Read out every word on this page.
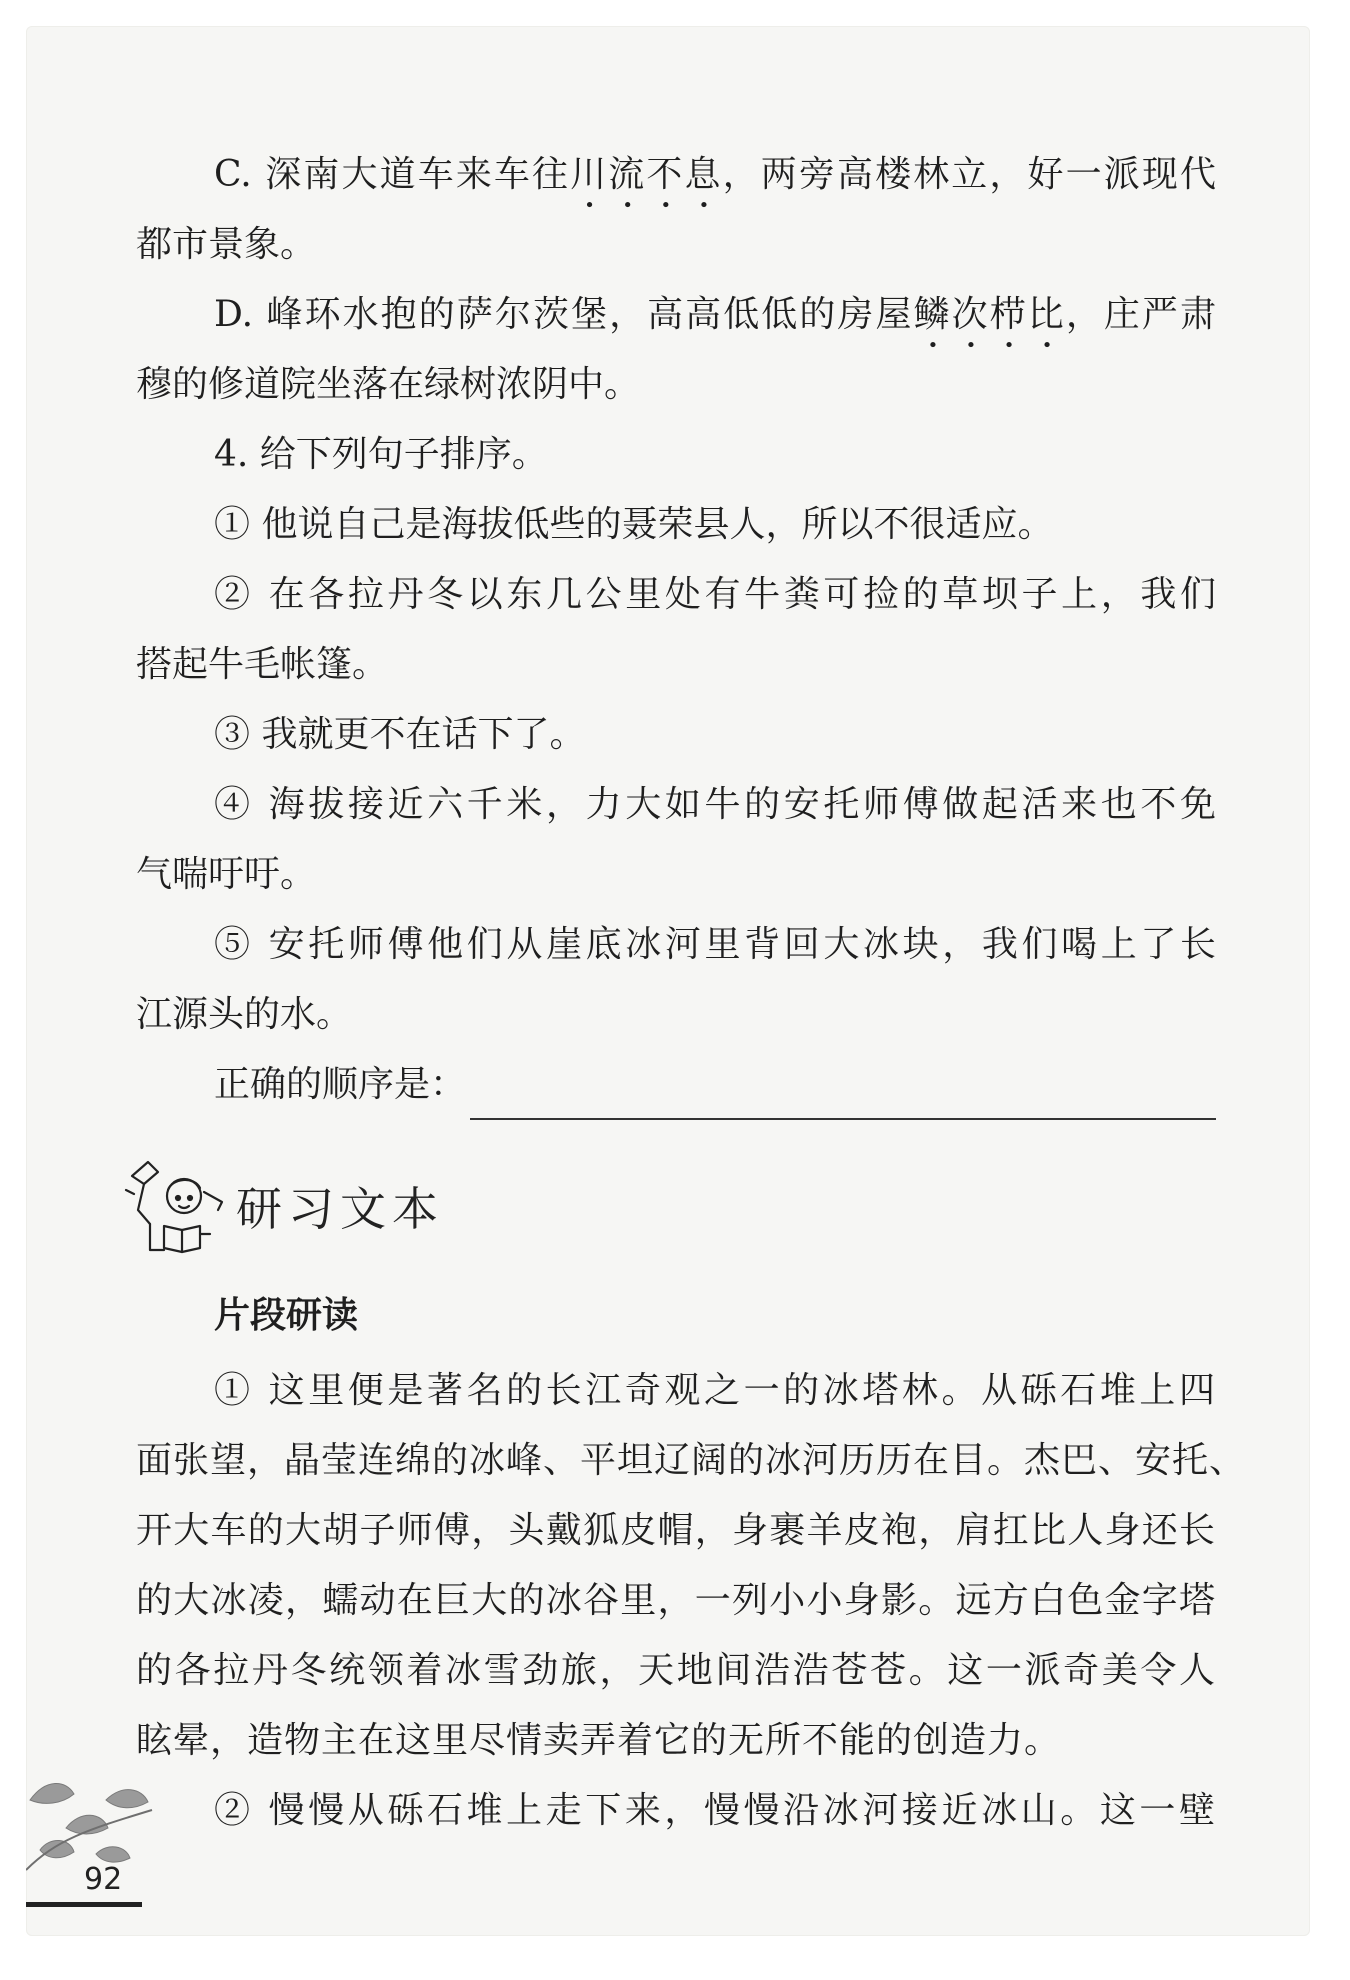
C. 深南大道车来车往川流不息，两旁高楼林立，好一派现代
都市景象。
D. 峰环水抱的萨尔茨堡，高高低低的房屋鳞次栉比，庄严肃
穆的修道院坐落在绿树浓阴中。
4. 给下列句子排序。
① 他说自己是海拔低些的聂荣县人，所以不很适应。
② 在各拉丹冬以东几公里处有牛粪可捡的草坝子上，我们
搭起牛毛帐篷。
③ 我就更不在话下了。
④ 海拔接近六千米，力大如牛的安托师傅做起活来也不免
气喘吁吁。
⑤ 安托师傅他们从崖底冰河里背回大冰块，我们喝上了长
江源头的水。
正确的顺序是：
研习文本
片段研读
① 这里便是著名的长江奇观之一的冰塔林。从砾石堆上四
面张望，晶莹连绵的冰峰、平坦辽阔的冰河历历在目。杰巴、安托、
开大车的大胡子师傅，头戴狐皮帽，身裹羊皮袍，肩扛比人身还长
的大冰凌，蠕动在巨大的冰谷里，一列小小身影。远方白色金字塔
的各拉丹冬统领着冰雪劲旅，天地间浩浩苍苍。这一派奇美令人
眩晕，造物主在这里尽情卖弄着它的无所不能的创造力。
② 慢慢从砾石堆上走下来，慢慢沿冰河接近冰山。这一壁
92
